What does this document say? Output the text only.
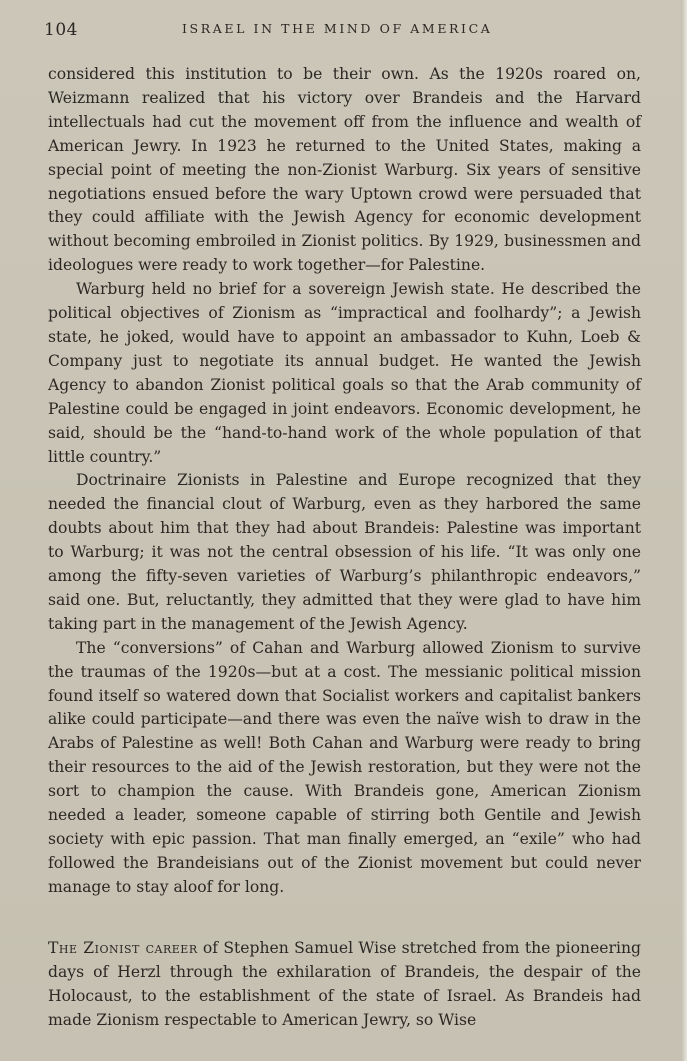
104	ISRAEL IN THE MIND OF AMERICA

considered this institution to be their own. As the 1920s roared on, Weizmann realized that his victory over Brandeis and the Harvard intellectuals had cut the movement off from the influence and wealth of American Jewry. In 1923 he returned to the United States, making a special point of meeting the non-Zionist Warburg. Six years of sensitive negotiations ensued before the wary Uptown crowd were persuaded that they could affiliate with the Jewish Agency for economic development without becoming embroiled in Zionist politics. By 1929, businessmen and ideologues were ready to work together—for Palestine.

Warburg held no brief for a sovereign Jewish state. He described the political objectives of Zionism as “impractical and foolhardy”; a Jewish state, he joked, would have to appoint an ambassador to Kuhn, Loeb & Company just to negotiate its annual budget. He wanted the Jewish Agency to abandon Zionist political goals so that the Arab community of Palestine could be engaged in joint endeavors. Economic development, he said, should be the “hand-to-hand work of the whole population of that little country.”

Doctrinaire Zionists in Palestine and Europe recognized that they needed the financial clout of Warburg, even as they harbored the same doubts about him that they had about Brandeis: Palestine was important to Warburg; it was not the central obsession of his life. “It was only one among the fifty-seven varieties of Warburg’s philanthropic endeavors,” said one. But, reluctantly, they admitted that they were glad to have him taking part in the management of the Jewish Agency.

The “conversions” of Cahan and Warburg allowed Zionism to survive the traumas of the 1920s—but at a cost. The messianic political mission found itself so watered down that Socialist workers and capitalist bankers alike could participate—and there was even the naïve wish to draw in the Arabs of Palestine as well! Both Cahan and Warburg were ready to bring their resources to the aid of the Jewish restoration, but they were not the sort to champion the cause. With Brandeis gone, American Zionism needed a leader, someone capable of stirring both Gentile and Jewish society with epic passion. That man finally emerged, an “exile” who had followed the Brandeisians out of the Zionist movement but could never manage to stay aloof for long.

The Zionist career of Stephen Samuel Wise stretched from the pioneering days of Herzl through the exhilaration of Brandeis, the despair of the Holocaust, to the establishment of the state of Israel. As Brandeis had made Zionism respectable to American Jewry, so Wise
